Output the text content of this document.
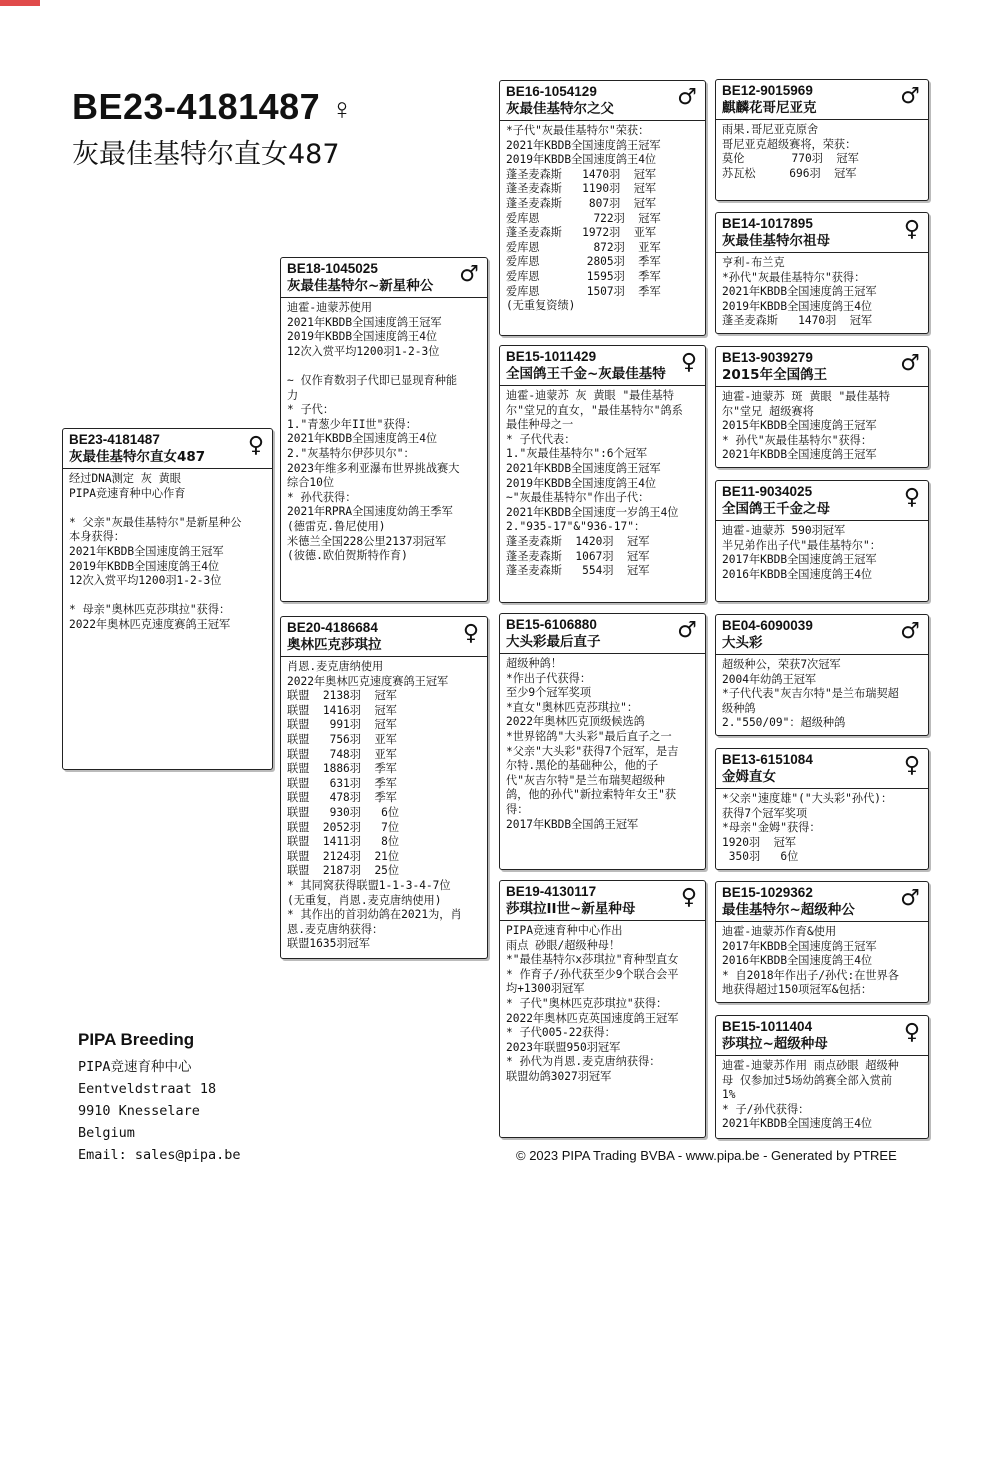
BE23-4181487 ♀
灰最佳基特尔直女487
BE23-4181487
灰最佳基特尔直女487	♀
经过DNA测定 灰 黄眼
PIPA竞速育种中心作育

* 父亲"灰最佳基特尔"是新星种公
本身获得：
2021年KBDB全国速度鸽王冠军
2019年KBDB全国速度鸽王4位
12次入赏平均1200羽1-2-3位

* 母亲"奥林匹克莎琪拉"获得：
2022年奥林匹克速度赛鸽王冠军
BE18-1045025
灰最佳基特尔~新星种公	♂
迪霍-迪蒙苏使用
2021年KBDB全国速度鸽王冠军
2019年KBDB全国速度鸽王4位
12次入赏平均1200羽1-2-3位

~ 仅作育数羽子代即已显现育种能
力
* 子代：
1."青葱少年II世"获得：
2021年KBDB全国速度鸽王4位
2."灰基特尔伊莎贝尔"：
2023年维多利亚瀑布世界挑战赛大
综合10位
* 孙代获得：
2021年RPRA全国速度幼鸽王季军
(德雷克.鲁尼使用)
米德兰全国228公里2137羽冠军
(彼德.欧伯贺斯特作育)
BE20-4186684
奥林匹克莎琪拉	♀
肖恩.麦克唐纳使用
2022年奥林匹克速度赛鸽王冠军
联盟  2138羽  冠军
联盟  1416羽  冠军
联盟   991羽  冠军
联盟   756羽  亚军
联盟   748羽  亚军
联盟  1886羽  季军
联盟   631羽  季军
联盟   478羽  季军
联盟   930羽   6位
联盟  2052羽   7位
联盟  1411羽   8位
联盟  2124羽  21位
联盟  2187羽  25位
* 其同窝获得联盟1-1-3-4-7位
(无重复，肖恩.麦克唐纳使用)
* 其作出的首羽幼鸽在2021为，肖
恩.麦克唐纳获得：
联盟1635羽冠军
BE16-1054129
灰最佳基特尔之父	♂
*子代"灰最佳基特尔"荣获：
2021年KBDB全国速度鸽王冠军
2019年KBDB全国速度鸽王4位
蓬圣麦森斯   1470羽  冠军
蓬圣麦森斯   1190羽  冠军
蓬圣麦森斯    807羽  冠军
爱库恩        722羽  冠军
蓬圣麦森斯   1972羽  亚军
爱库恩        872羽  亚军
爱库恩       2805羽  季军
爱库恩       1595羽  季军
爱库恩       1507羽  季军
(无重复资绩)
BE15-1011429
全国鸽王千金~灰最佳基特 ♀
迪霍-迪蒙苏 灰 黄眼 "最佳基特
尔"堂兄的直女，"最佳基特尔"鸽系
最佳种母之一
* 子代代表：
1."灰最佳基特尔":6个冠军
2021年KBDB全国速度鸽王冠军
2019年KBDB全国速度鸽王4位
~"灰最佳基特尔"作出子代：
2021年KBDB全国速度一岁鸽王4位
2."935-17"&"936-17"：
蓬圣麦森斯  1420羽  冠军
蓬圣麦森斯  1067羽  冠军
蓬圣麦森斯   554羽  冠军
BE15-6106880
大头彩最后直子	♂
超级种鸽！
*作出子代获得：
至少9个冠军奖项
*直女"奥林匹克莎琪拉"：
2022年奥林匹克顶级候选鸽
*世界铭鸽"大头彩"最后直子之一
*父亲"大头彩"获得7个冠军，是吉
尔特.黑伦的基础种公，他的子
代"灰吉尔特"是兰布瑞契超级种
鸽，他的孙代"新拉索特年女王"获
得：
2017年KBDB全国鸽王冠军
BE19-4130117
莎琪拉II世~新星种母	♀
PIPA竞速育种中心作出
雨点 砂眼/超级种母！
*"最佳基特尔x莎琪拉"育种型直女
* 作育子/孙代获至少9个联合会平
均+1300羽冠军
* 子代"奥林匹克莎琪拉"获得：
2022年奥林匹克英国速度鸽王冠军
* 子代005-22获得：
2023年联盟950羽冠军
* 孙代为肖恩.麦克唐纳获得：
联盟幼鸽3027羽冠军
BE12-9015969
麒麟花哥尼亚克	♂
雨果.哥尼亚克原舍
哥尼亚克超级赛将，荣获：
莫伦       770羽  冠军
苏瓦松     696羽  冠军
BE14-1017895
灰最佳基特尔祖母	♀
亨利-布兰克
*孙代"灰最佳基特尔"获得：
2021年KBDB全国速度鸽王冠军
2019年KBDB全国速度鸽王4位
蓬圣麦森斯   1470羽  冠军
BE13-9039279
2015年全国鸽王	♂
迪霍-迪蒙苏 斑 黄眼 "最佳基特
尔"堂兄 超级赛将
2015年KBDB全国速度鸽王冠军
* 孙代"灰最佳基特尔"获得：
2021年KBDB全国速度鸽王冠军
BE11-9034025
全国鸽王千金之母	♀
迪霍-迪蒙苏 590羽冠军
半兄弟作出子代"最佳基特尔"：
2017年KBDB全国速度鸽王冠军
2016年KBDB全国速度鸽王4位
BE04-6090039
大头彩	♂
超级种公，荣获7次冠军
2004年幼鸽王冠军
*子代代表"灰吉尔特"是兰布瑞契超
级种鸽
2."550/09"：超级种鸽
BE13-6151084
金姆直女	♀
*父亲"速度雄"("大头彩"孙代)：
获得7个冠军奖项
*母亲"金姆"获得：
1920羽  冠军
350羽   6位
BE15-1029362
最佳基特尔~超级种公	♂
迪霍-迪蒙苏作育&使用
2017年KBDB全国速度鸽王冠军
2016年KBDB全国速度鸽王4位
* 自2018年作出子/孙代:在世界各
地获得超过150项冠军&包括：
BE15-1011404
莎琪拉~超级种母	♀
迪霍-迪蒙苏作用 雨点砂眼 超级种
母 仅参加过5场幼鸽赛全部入赏前
1%
* 子/孙代获得：
2021年KBDB全国速度鸽王4位
PIPA Breeding
PIPA竞速育种中心
Eentveldstraat 18
9910 Knesselare
Belgium
Email: sales@pipa.be	© 2023 PIPA Trading BVBA - www.pipa.be - Generated by PTREE
